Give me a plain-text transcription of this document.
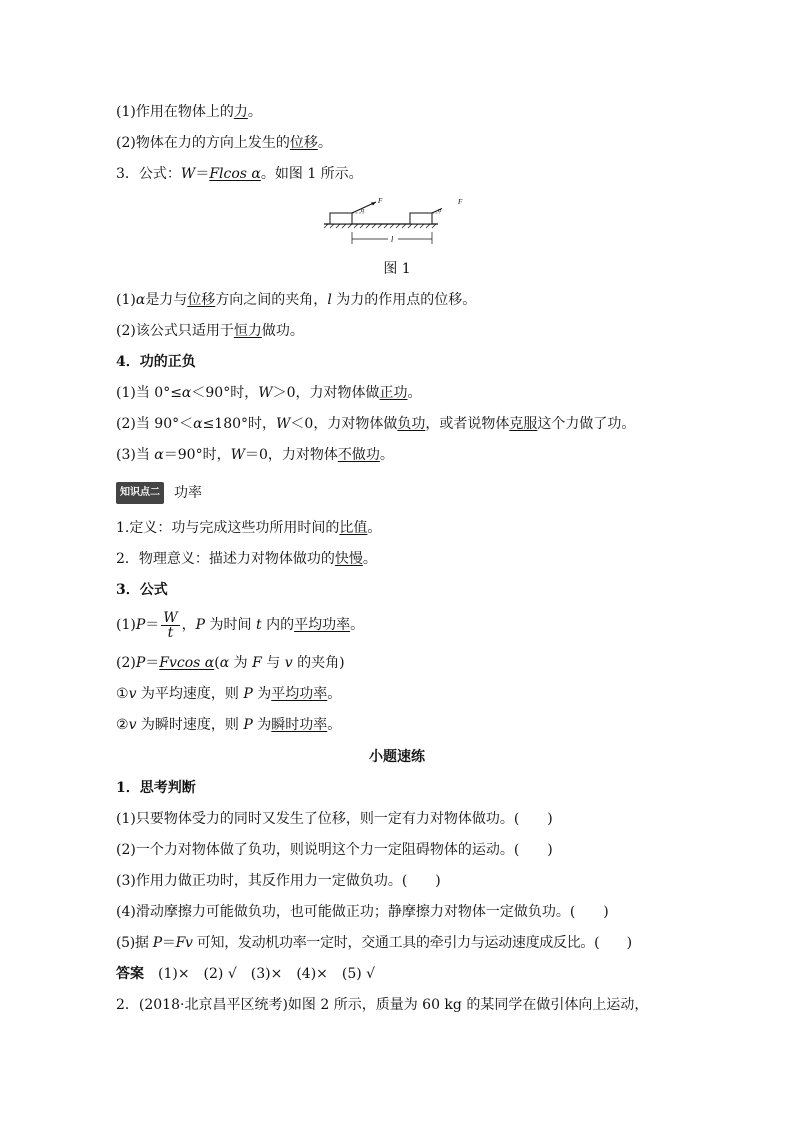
(1)作用在物体上的力。
(2)物体在力的方向上发生的位移。
3．公式：W＝Flcos α。如图 1 所示。
F
α	α
l
F
图 1
(1)α是力与位移方向之间的夹角，l 为力的作用点的位移。
(2)该公式只适用于恒力做功。
4．功的正负
(1)当 0°≤α＜90°时，W＞0，力对物体做正功。
(2)当 90°＜α≤180°时，W＜0，力对物体做负功，或者说物体克服这个力做了功。
(3)当 α＝90°时，W＝0，力对物体不做功。
知识点二 功率
1.定义：功与完成这些功所用时间的比值。
2．物理意义：描述力对物体做功的快慢。
3．公式
$(1)P= \frac{W}{t}$ ，P 为时间 t 内的平均功率。
(2)P＝Fvcos α(α 为 F 与 v 的夹角)
①v 为平均速度，则 P 为平均功率。
②v 为瞬时速度，则 P 为瞬时功率。
小题速练
1．思考判断
(1)只要物体受力的同时又发生了位移，则一定有力对物体做功。(　　)
(2)一个力对物体做了负功，则说明这个力一定阻碍物体的运动。(　　)
(3)作用力做正功时，其反作用力一定做负功。(　　)
(4)滑动摩擦力可能做负功，也可能做正功；静摩擦力对物体一定做负功。(　　)
(5)据 P＝Fv 可知，发动机功率一定时，交通工具的牵引力与运动速度成反比。(　　)
答案　(1)×　(2) √　(3)×　(4)×　(5) √
2．(2018·北京昌平区统考)如图 2 所示，质量为 60 kg 的某同学在做引体向上运动，
